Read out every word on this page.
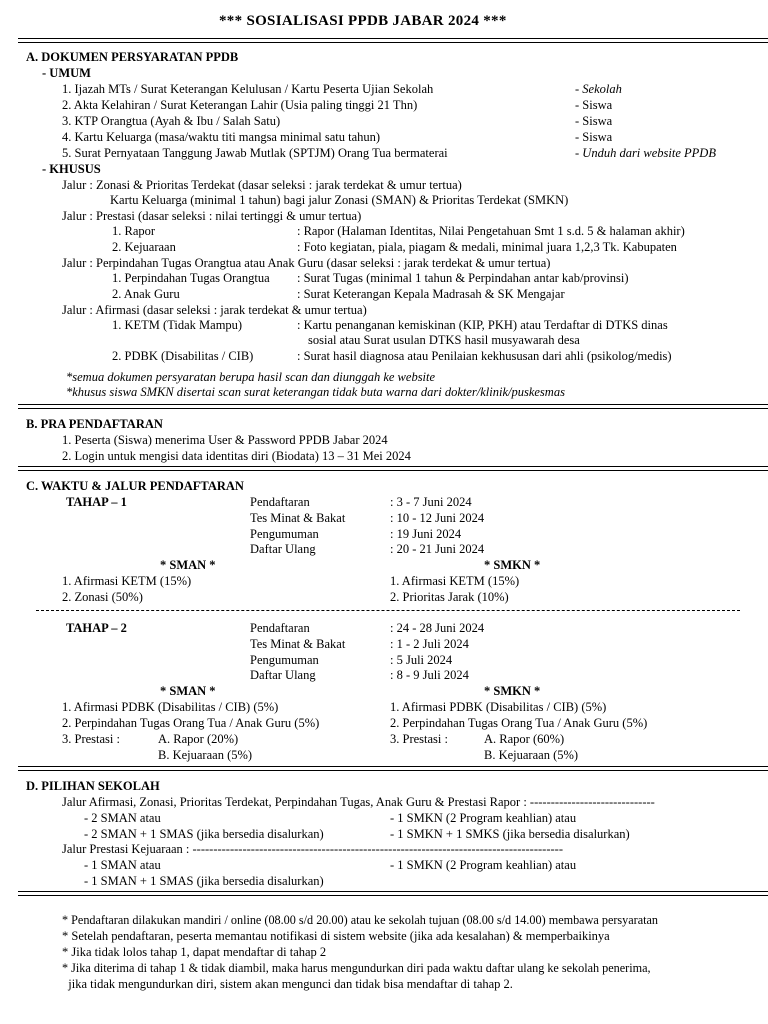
*** SOSIALISASI PPDB JABAR 2024 ***
A. DOKUMEN PERSYARATAN PPDB
- UMUM
1. Ijazah MTs / Surat Keterangan Kelulusan / Kartu Peserta Ujian Sekolah	- Sekolah
2. Akta Kelahiran / Surat Keterangan Lahir (Usia paling tinggi 21 Thn)	- Siswa
3. KTP Orangtua (Ayah & Ibu / Salah Satu)	- Siswa
4. Kartu Keluarga (masa/waktu titi mangsa minimal satu tahun)	- Siswa
5. Surat Pernyataan Tanggung Jawab Mutlak (SPTJM) Orang Tua bermaterai	- Unduh dari website PPDB
- KHUSUS
Jalur : Zonasi & Prioritas Terdekat (dasar seleksi : jarak terdekat & umur tertua)
Kartu Keluarga (minimal 1 tahun) bagi jalur Zonasi (SMAN) & Prioritas Terdekat (SMKN)
Jalur : Prestasi (dasar seleksi : nilai tertinggi & umur tertua)
1. Rapor	: Rapor (Halaman Identitas, Nilai Pengetahuan Smt 1 s.d. 5 & halaman akhir)
2. Kejuaraan	: Foto kegiatan, piala, piagam & medali, minimal juara 1,2,3 Tk. Kabupaten
Jalur : Perpindahan Tugas Orangtua atau Anak Guru (dasar seleksi : jarak terdekat & umur tertua)
1. Perpindahan Tugas Orangtua : Surat Tugas (minimal 1 tahun & Perpindahan antar kab/provinsi)
2. Anak Guru	: Surat Keterangan Kepala Madrasah & SK Mengajar
Jalur : Afirmasi (dasar seleksi : jarak terdekat & umur tertua)
1. KETM (Tidak Mampu)	: Kartu penanganan kemiskinan (KIP, PKH) atau Terdaftar di DTKS dinas
sosial atau Surat usulan DTKS hasil musyawarah desa
2. PDBK (Disabilitas / CIB)	: Surat hasil diagnosa atau Penilaian kekhususan dari ahli (psikolog/medis)
*semua dokumen persyaratan berupa hasil scan dan diunggah ke website
*khusus siswa SMKN disertai scan surat keterangan tidak buta warna dari dokter/klinik/puskesmas
B. PRA PENDAFTARAN
1. Peserta (Siswa) menerima User & Password PPDB Jabar 2024
2. Login untuk mengisi data identitas diri (Biodata) 13 – 31 Mei 2024
C. WAKTU & JALUR PENDAFTARAN
TAHAP – 1	Pendaftaran	: 3 - 7 Juni 2024
Tes Minat & Bakat	: 10 - 12 Juni 2024
Pengumuman	: 19 Juni 2024
Daftar Ulang	: 20 - 21 Juni 2024
* SMAN *	* SMKN *
1. Afirmasi KETM (15%)	1. Afirmasi KETM (15%)
2. Zonasi (50%)	2. Prioritas Jarak (10%)
TAHAP – 2	Pendaftaran	: 24 - 28 Juni 2024
Tes Minat & Bakat	: 1 - 2 Juli 2024
Pengumuman	: 5 Juli 2024
Daftar Ulang	: 8 - 9 Juli 2024
* SMAN *	* SMKN *
1. Afirmasi PDBK (Disabilitas / CIB) (5%)	1. Afirmasi PDBK (Disabilitas / CIB) (5%)
2. Perpindahan Tugas Orang Tua / Anak Guru (5%)	2. Perpindahan Tugas Orang Tua / Anak Guru (5%)
3. Prestasi :	A. Rapor (20%)	3. Prestasi :	A. Rapor (60%)
B. Kejuaraan (5%)	B. Kejuaraan (5%)
D. PILIHAN SEKOLAH
Jalur Afirmasi, Zonasi, Prioritas Terdekat, Perpindahan Tugas, Anak Guru & Prestasi Rapor : ------------------------------
- 2 SMAN atau	- 1 SMKN (2 Program keahlian) atau
- 2 SMAN + 1 SMAS (jika bersedia disalurkan)	- 1 SMKN + 1 SMKS (jika bersedia disalurkan)
Jalur Prestasi Kejuaraan : -----------------------------------------------------------------------------------------
- 1 SMAN atau	- 1 SMKN (2 Program keahlian) atau
- 1 SMAN + 1 SMAS (jika bersedia disalurkan)
* Pendaftaran dilakukan mandiri / online (08.00 s/d 20.00) atau ke sekolah tujuan (08.00 s/d 14.00) membawa persyaratan
* Setelah pendaftaran, peserta memantau notifikasi di sistem website (jika ada kesalahan) & memperbaikinya
* Jika tidak lolos tahap 1, dapat mendaftar di tahap 2
* Jika diterima di tahap 1 & tidak diambil, maka harus mengundurkan diri pada waktu daftar ulang ke sekolah penerima,
jika tidak mengundurkan diri, sistem akan mengunci dan tidak bisa mendaftar di tahap 2.
